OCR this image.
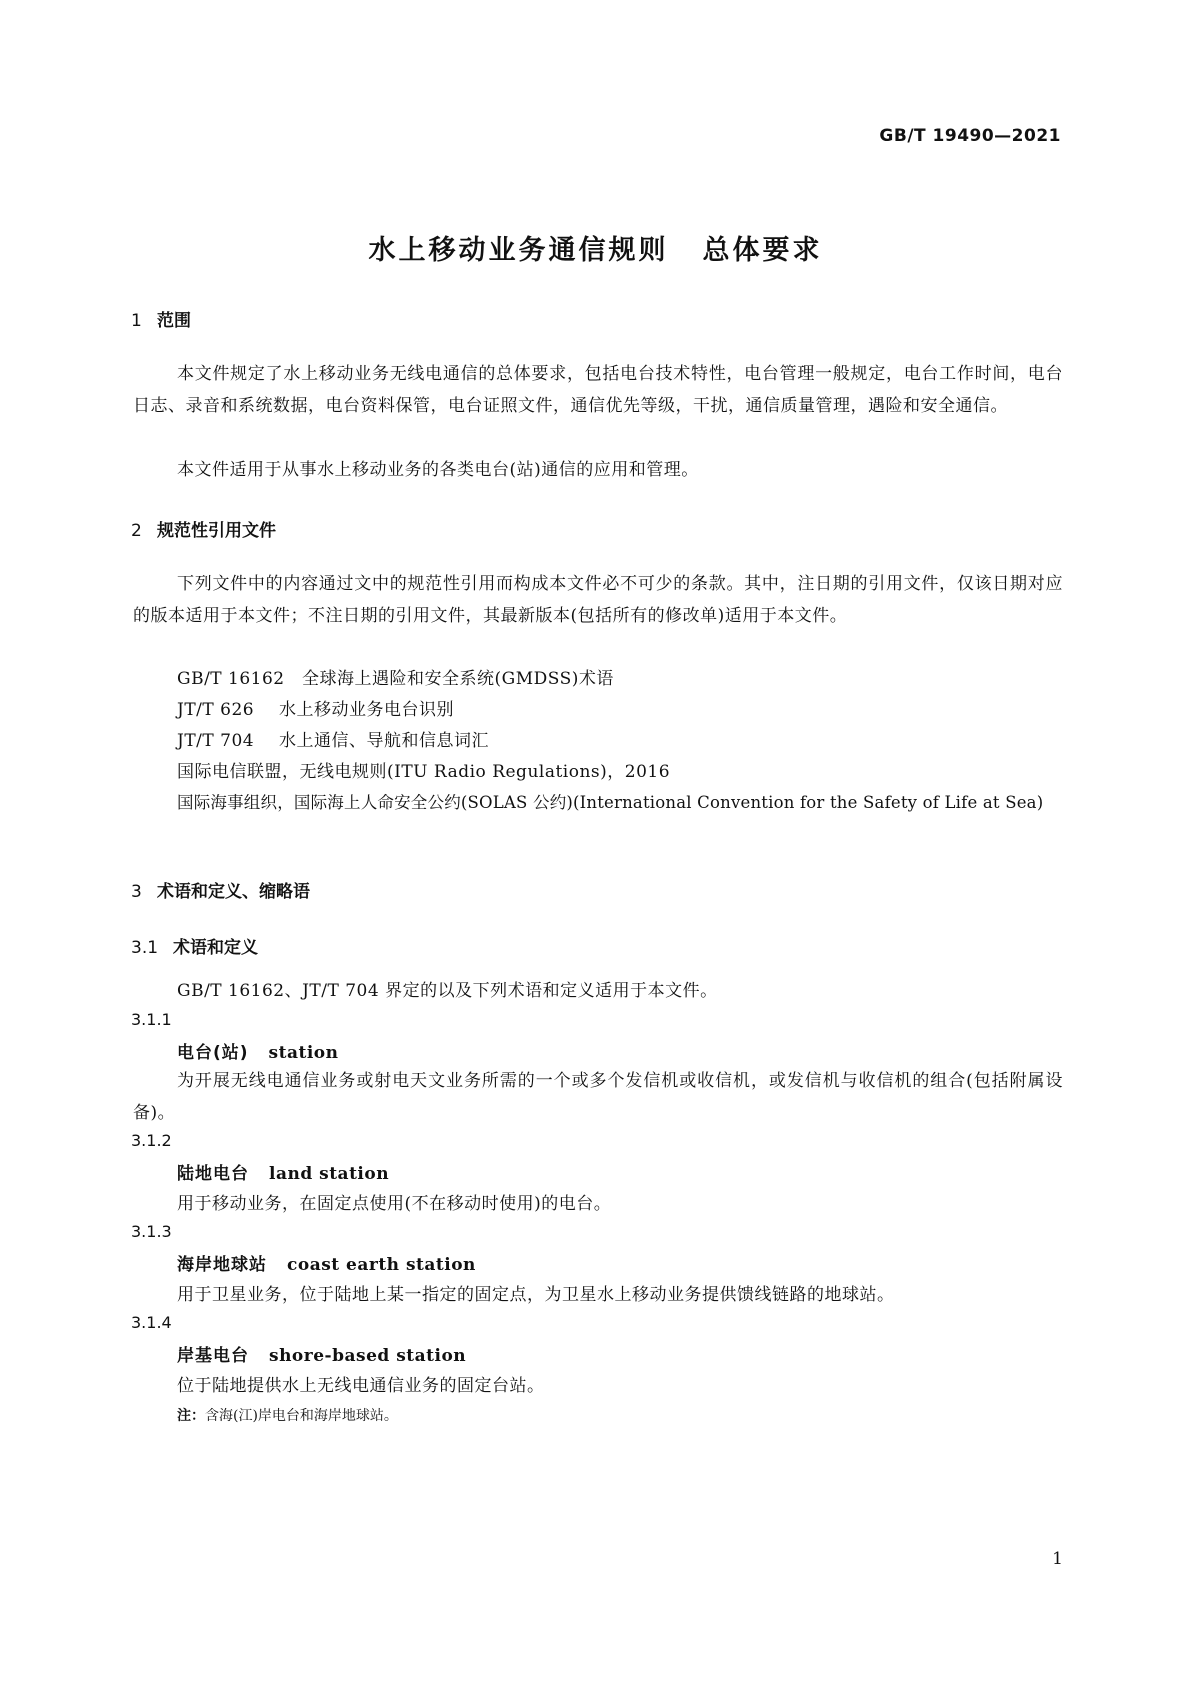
GB/T 19490—2021
水上移动业务通信规则 总体要求
1 范围

本文件规定了水上移动业务无线电通信的总体要求，包括电台技术特性，电台管理一般规定，电台工作时间，电台日志、录音和系统数据，电台资料保管，电台证照文件，通信优先等级，干扰，通信质量管理，遇险和安全通信。

本文件适用于从事水上移动业务的各类电台(站)通信的应用和管理。

2 规范性引用文件

下列文件中的内容通过文中的规范性引用而构成本文件必不可少的条款。其中，注日期的引用文件，仅该日期对应的版本适用于本文件；不注日期的引用文件，其最新版本(包括所有的修改单)适用于本文件。

GB/T 16162 全球海上遇险和安全系统(GMDSS)术语
JT/T 626 水上移动业务电台识别
JT/T 704 水上通信、导航和信息词汇
国际电信联盟，无线电规则(ITU Radio Regulations)，2016

国际海事组织，国际海上人命安全公约(SOLAS 公约)(International Convention for the Safety of Life at Sea)

3 术语和定义、缩略语
3.1 术语和定义
GB/T 16162、JT/T 704 界定的以及下列术语和定义适用于本文件。
3.1.1
电台(站) station

为开展无线电通信业务或射电天文业务所需的一个或多个发信机或收信机，或发信机与收信机的组合(包括附属设备)。

3.1.2
陆地电台 land station
用于移动业务，在固定点使用(不在移动时使用)的电台。
3.1.3
海岸地球站 coast earth station
用于卫星业务，位于陆地上某一指定的固定点，为卫星水上移动业务提供馈线链路的地球站。
3.1.4
岸基电台 shore-based station
位于陆地提供水上无线电通信业务的固定台站。
注：含海(江)岸电台和海岸地球站。
1
